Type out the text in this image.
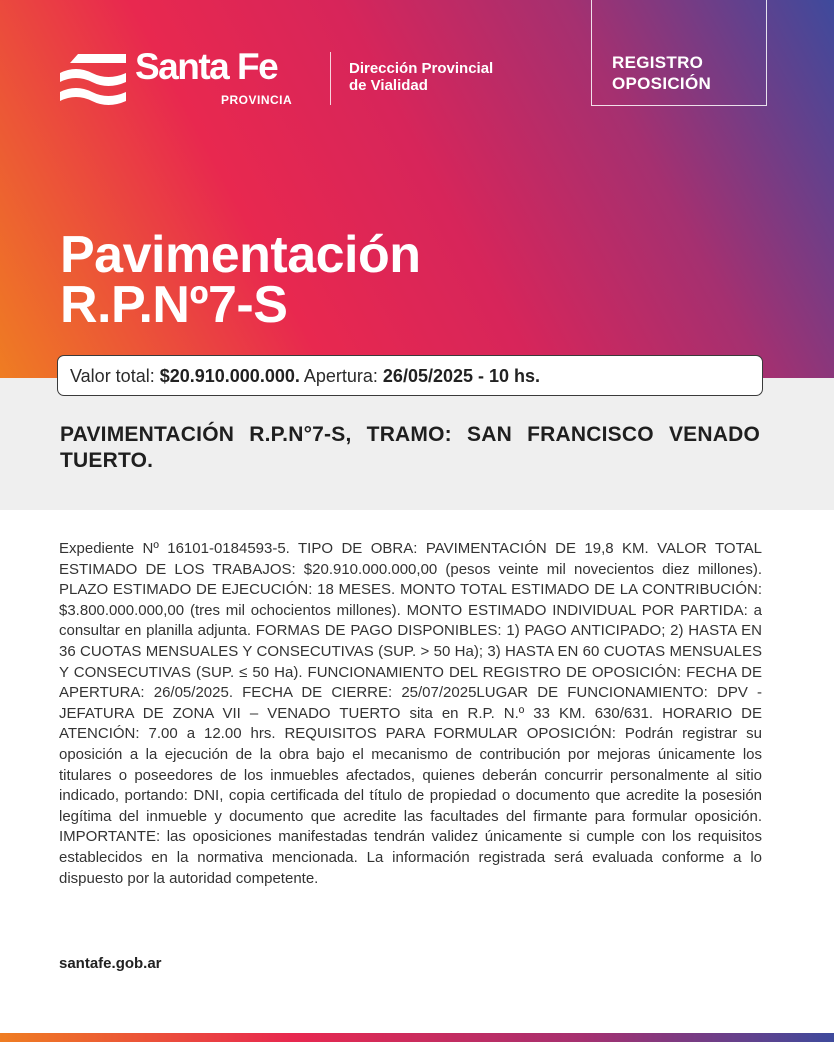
Santa Fe
PROVINCIA
Dirección Provincial
de Vialidad
REGISTRO
OPOSICIÓN
Pavimentación
R.P.Nº7-S
Valor total: $20.910.000.000. Apertura: 26/05/2025 - 10 hs.
PAVIMENTACIÓN R.P.N°7-S, TRAMO: SAN FRANCISCO VENADO TUERTO.

Expediente Nº 16101-0184593-5. TIPO DE OBRA: PAVIMENTACIÓN DE 19,8 KM. VALOR TOTAL ESTIMADO DE LOS TRABAJOS: $20.910.000.000,00 (pesos veinte mil novecientos diez millones). PLAZO ESTIMADO DE EJECUCIÓN: 18 MESES. MONTO TOTAL ESTIMADO DE LA CONTRIBUCIÓN: $3.800.000.000,00 (tres mil ochocientos millones). MONTO ESTIMADO INDIVIDUAL POR PARTIDA: a consultar en planilla adjunta. FORMAS DE PAGO DISPONIBLES: 1) PAGO ANTICIPADO; 2) HASTA EN 36 CUOTAS MENSUALES Y CONSECUTIVAS (SUP. > 50 Ha); 3) HASTA EN 60 CUOTAS MENSUALES Y CONSECUTIVAS (SUP. ≤ 50 Ha). FUNCIONAMIENTO DEL REGISTRO DE OPOSICIÓN: FECHA DE APERTURA: 26/05/2025. FECHA DE CIERRE: 25/07/2025LUGAR DE FUNCIONAMIENTO: DPV - JEFATURA DE ZONA VII – VENADO TUERTO sita en R.P. N.º 33 KM. 630/631. HORARIO DE ATENCIÓN: 7.00 a 12.00 hrs. REQUISITOS PARA FORMULAR OPOSICIÓN: Podrán registrar su oposición a la ejecución de la obra bajo el mecanismo de contribución por mejoras únicamente los titulares o poseedores de los inmuebles afectados, quienes deberán concurrir personalmente al sitio indicado, portando: DNI, copia certificada del título de propiedad o documento que acredite la posesión legítima del inmueble y documento que acredite las facultades del firmante para formular oposición. IMPORTANTE: las oposiciones manifestadas tendrán validez únicamente si cumple con los requisitos establecidos en la normativa mencionada. La información registrada será evaluada conforme a lo dispuesto por la autoridad competente.

santafe.gob.ar
